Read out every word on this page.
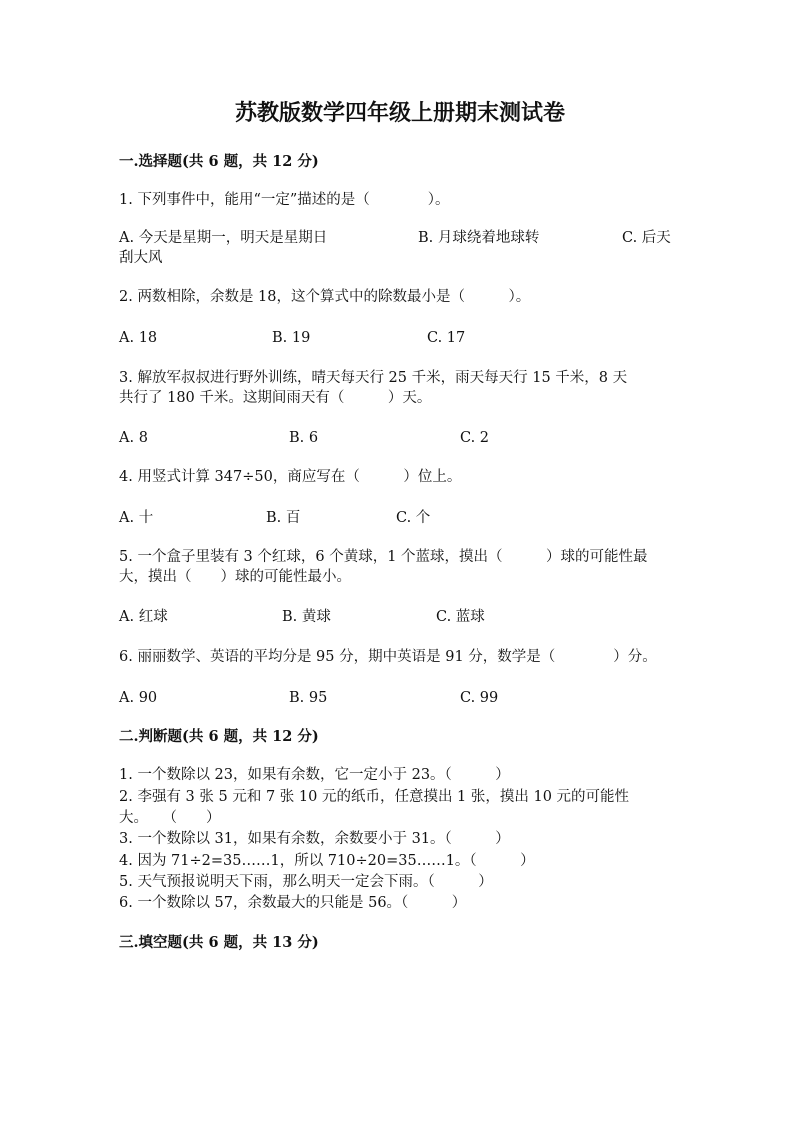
苏教版数学四年级上册期末测试卷
一.选择题(共 6 题，共 12 分)
1. 下列事件中，能用“一定”描述的是（　　　　）。
A. 今天是星期一，明天是星期日	B. 月球绕着地球转	C. 后天
刮大风
2. 两数相除，余数是 18，这个算式中的除数最小是（　　　）。
A. 18	B. 19	C. 17
3. 解放军叔叔进行野外训练，晴天每天行 25 千米，雨天每天行 15 千米，8 天
共行了 180 千米。这期间雨天有（　　　）天。
A. 8	B. 6	C. 2
4. 用竖式计算 347÷50，商应写在（　　　）位上。
A. 十	B. 百	C. 个
5. 一个盒子里装有 3 个红球，6 个黄球，1 个蓝球，摸出（　　　）球的可能性最
大，摸出（　　）球的可能性最小。
A. 红球	B. 黄球	C. 蓝球
6. 丽丽数学、英语的平均分是 95 分，期中英语是 91 分，数学是（　　　　）分。
A. 90	B. 95	C. 99
二.判断题(共 6 题，共 12 分)
1. 一个数除以 23，如果有余数，它一定小于 23。（　　　）
2. 李强有 3 张 5 元和 7 张 10 元的纸币，任意摸出 1 张，摸出 10 元的可能性
大。　　（　　）
3. 一个数除以 31，如果有余数，余数要小于 31。（　　　）
4. 因为 71÷2=35……1，所以 710÷20=35……1。（　　　）
5. 天气预报说明天下雨，那么明天一定会下雨。（　　　）
6. 一个数除以 57，余数最大的只能是 56。（　　　）
三.填空题(共 6 题，共 13 分)
